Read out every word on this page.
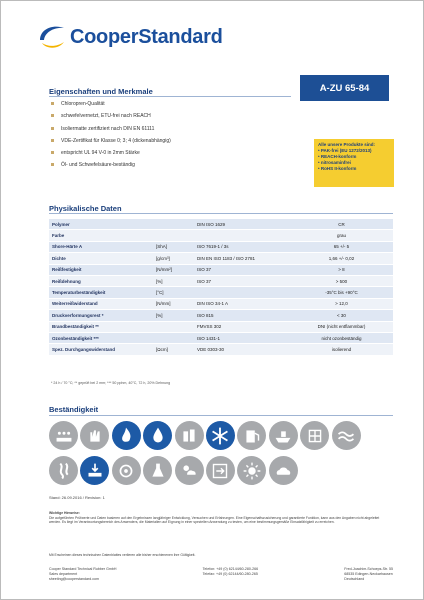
CooperStandard
Eigenschaften und Merkmale
Chloropren-Qualität
schwefelvernetzt, ETU-frei nach REACH
Isoliermatte zertifiziert nach DIN EN 61111
VDE-Zertifikat für Klasse 0; 3; 4 (dickenabhängig)
entspricht UL 94 V-0 in 2mm Stärke
Öl- und Schwefelsäure-beständig
A-ZU 65-84
Alle unsere Produkte sind:
• PAK-frei (EU 1272/2013)
• REACH-konform
• nitrosaminfrei
• RoHS II-konform
Physikalische Daten
Polymer		DIN ISO 1629	CR
Farbe			grau
Shore-Härte A	[ShA]	ISO 7619-1 / 3s	65 +/- 5
Dichte	[g/cm³]	DIN EN ISO 1183 / ISO 2781	1,66 +/- 0,02
Reißfestigkeit	[N/mm²]	ISO 37	> 8
Reißdehnung	[%]	ISO 37	> 500
Temperaturbeständigkeit	[°C]		-35°C bis +90°C
Weiterreißwiderstand	[N/mm]	DIN ISO 34-1 A	> 12,0
Druckverformungsrest *	[%]	ISO 815	< 30
Brandbeständigkeit **		FMVSS 302	DNI (nicht entflammbar)
Ozonbeständigkeit ***		ISO 1431-1	nicht ozonbeständig
Spez. Durchgangswiderstand	[Ωcm]	VDE 0303-30	isolierend
* 24 h / 70 °C; ** geprüft bei 2 mm; *** 50 pphm, 40°C, 72 h, 20% Dehnung
Beständigkeit
Stand: 26.09.2016 / Revision: 1
Wichtige Hinweise:
Die aufgeführten Prüfwerte und Daten basieren auf den Ergebnissen langjähriger Entwicklung, Versuchen und Erfahrungen. Eine Eigenschaftszusicherung und garantierte Funktion, kann aus den Angaben nicht abgeleitet werden. Es liegt im Verantwortungsbereich des Anwenders, die Materialien auf Eignung in einer speziellen Anwendung zu testen, um eine bestimmungsgemäße Einsatzfähigkeit zu erreichen.
Mit Erscheinen dieses technischen Datenblattes verlieren alle bisher erschienenen ihre Gültigkeit.
Cooper Standard Technical Rubber GmbH
Sales department
sheeting@cooperstandard.com
Telefon: +49 (0) 62144/60-280-266
Telefax: +49 (0) 62144/60-280-265

Fred-Joachim-Schoeps-Str. 55
68535 Edingen-Neckarhausen
Deutschland
